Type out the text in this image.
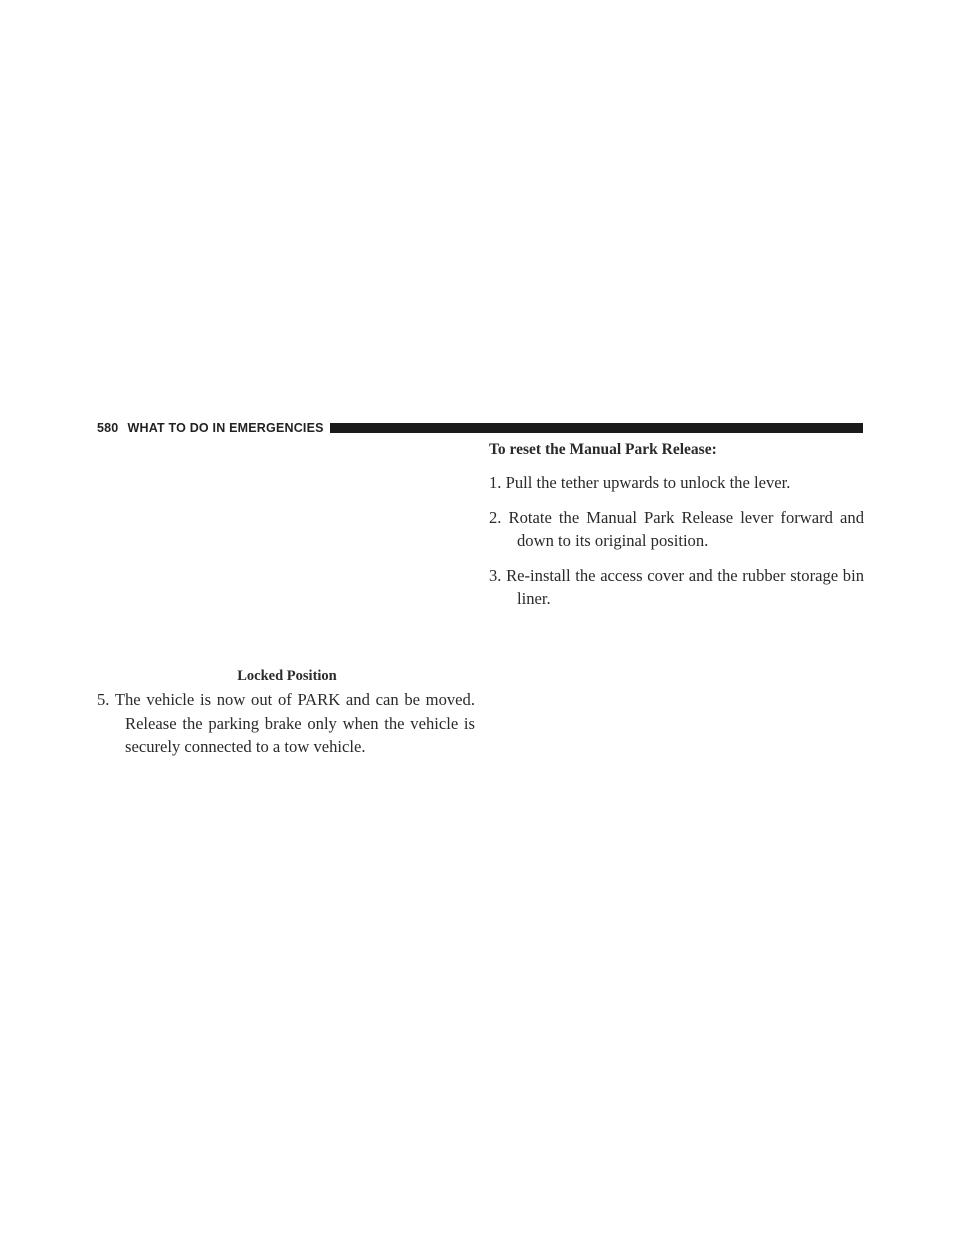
580 WHAT TO DO IN EMERGENCIES
Locked Position

5. The vehicle is now out of PARK and can be moved. Release the parking brake only when the vehicle is securely connected to a tow vehicle.

To reset the Manual Park Release:

1. Pull the tether upwards to unlock the lever.

2. Rotate the Manual Park Release lever forward and down to its original position.

3. Re-install the access cover and the rubber storage bin liner.
